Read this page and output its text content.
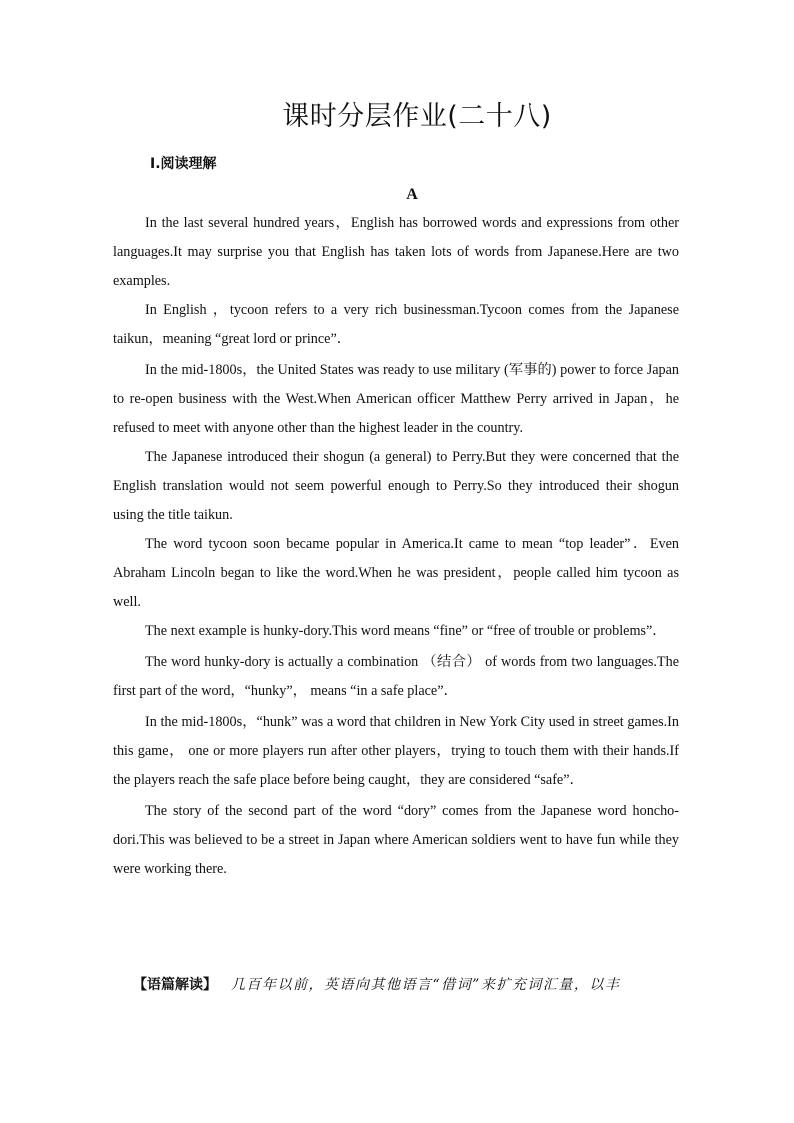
课时分层作业(二十八)
Ⅰ.阅读理解
A

In the last several hundred years，English has borrowed words and expressions from other languages.It may surprise you that English has taken lots of words from Japanese.Here are two examples.

In English ，tycoon refers to a very rich businessman.Tycoon comes from the Japanese taikun，meaning “great lord or prince”．

In the mid-1800s，the United States was ready to use military (军事的) power to force Japan to re-open business with the West.When American officer Matthew Perry arrived in Japan，he refused to meet with anyone other than the highest leader in the country.

The Japanese introduced their shogun (a general) to Perry.But they were concerned that the English translation would not seem powerful enough to Perry.So they introduced their shogun using the title taikun.

The word tycoon soon became popular in America.It came to mean “top leader”．Even Abraham Lincoln began to like the word.When he was president，people called him tycoon as well.

The next example is hunky-dory.This word means “fine” or “free of trouble or problems”．

The word hunky-dory is actually a combination （结合） of words from two languages.The first part of the word，“hunky”， means “in a safe place”．

In the mid-1800s，“hunk” was a word that children in New York City used in street games.In this game， one or more players run after other players，trying to touch them with their hands.If the players reach the safe place before being caught，they are considered “safe”．

The story of the second part of the word “dory” comes from the Japanese word honcho-dori.This was believed to be a street in Japan where American soldiers went to have fun while they were working there.

【语篇解读】 几百年以前，英语向其他语言“借词”来扩充词汇量，以丰
